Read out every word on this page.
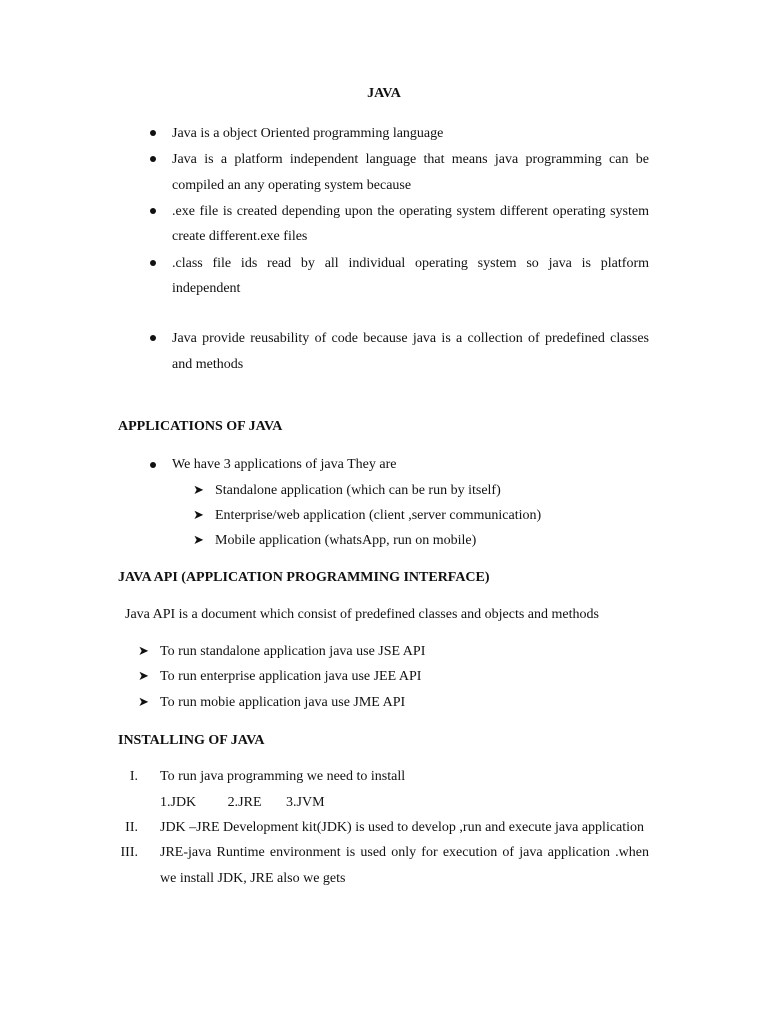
JAVA
Java is a object Oriented programming language
Java is a platform independent language that means java programming can be
compiled an any operating system because
.exe file is created depending upon the operating system different operating system
create different.exe files
.class file ids read by all individual operating system so java is platform
independent
Java provide reusability of code because java is a collection of predefined classes
and methods
APPLICATIONS OF JAVA
We have 3 applications of java They are
➤ Standalone application (which can be run by itself)
➤ Enterprise/web application (client ,server communication)
➤ Mobile application (whatsApp, run on mobile)
JAVA API (APPLICATION PROGRAMMING INTERFACE)
Java API is a document which consist of predefined classes and objects and methods
➤ To run standalone application java use JSE API
➤ To run enterprise application java use JEE API
➤ To run mobie application java use JME API
INSTALLING OF JAVA
I. To run java programming we need to install
1.JDK         2.JRE       3.JVM
II. JDK –JRE Development kit(JDK) is used to develop ,run and execute java application
III. JRE-java Runtime environment is used only for execution of java application .when
we install JDK, JRE also we gets
